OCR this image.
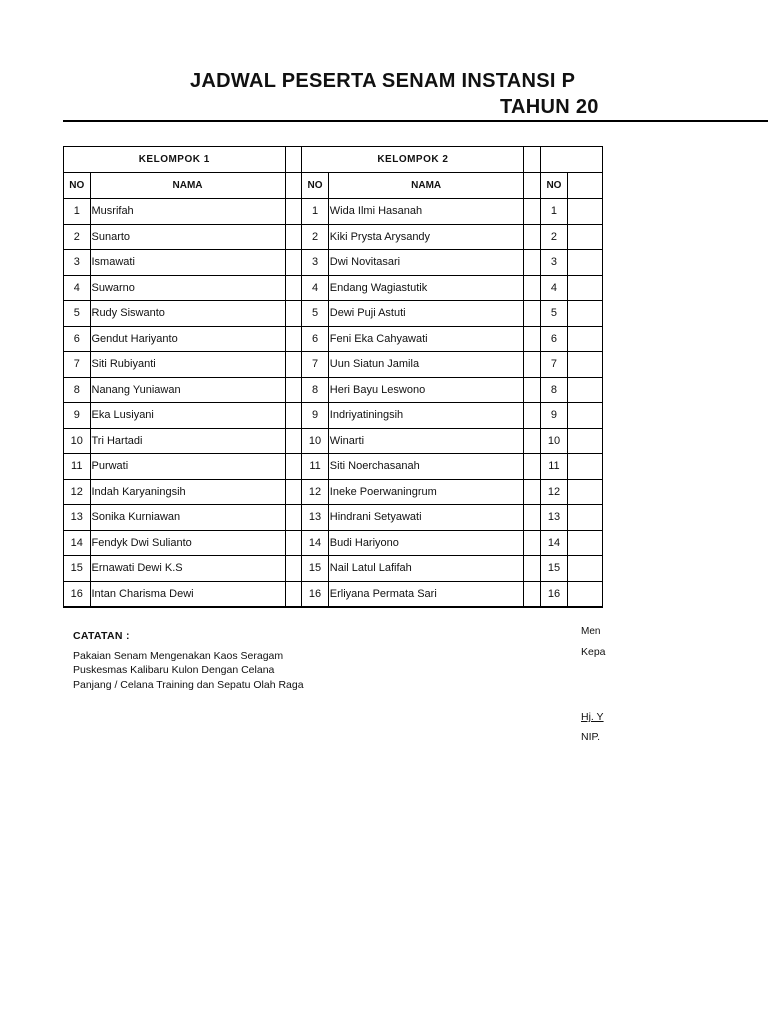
JADWAL PESERTA SENAM INSTANSI P
TAHUN 20
KELOMPOK 1			KELOMPOK 2				
NO	NAMA		NO	NAMA		NO	
1	Musrifah		1	Wida Ilmi Hasanah		1	
2	Sunarto		2	Kiki Prysta Arysandy		2	
3	Ismawati		3	Dwi Novitasari		3	
4	Suwarno		4	Endang Wagiastutik		4	
5	Rudy Siswanto		5	Dewi Puji Astuti		5	
6	Gendut Hariyanto		6	Feni Eka Cahyawati		6	
7	Siti Rubiyanti		7	Uun Siatun Jamila		7	
8	Nanang Yuniawan		8	Heri Bayu Leswono		8	
9	Eka Lusiyani		9	Indriyatiningsih		9	
10	Tri Hartadi		10	Winarti		10	
11	Purwati		11	Siti Noerchasanah		11	
12	Indah Karyaningsih		12	Ineke Poerwaningrum		12	
13	Sonika Kurniawan		13	Hindrani Setyawati		13	
14	Fendyk Dwi Sulianto		14	Budi Hariyono		14	
15	Ernawati Dewi K.S		15	Nail Latul Lafifah		15	
16	Intan Charisma Dewi		16	Erliyana Permata Sari		16	
CATATAN :
Pakaian Senam Mengenakan Kaos Seragam
Puskesmas Kalibaru Kulon Dengan Celana
Panjang / Celana Training dan Sepatu Olah Raga
Men
Kepa
Hj. Y
NIP.
